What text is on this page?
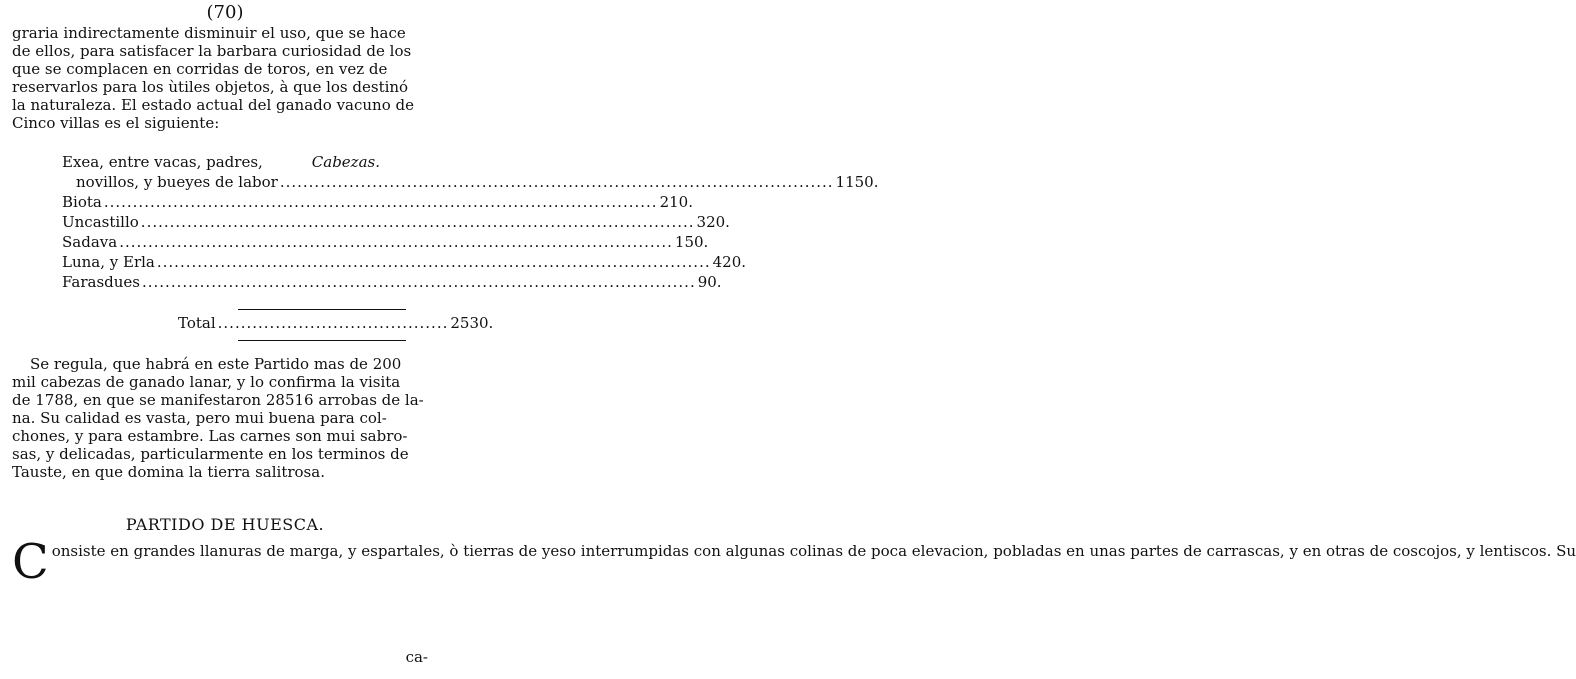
(70)
graria indirectamente disminuir el uso, que se hace
de ellos, para satisfacer la barbara curiosidad de los
que se complacen en corridas de toros, en vez de
reservarlos para los ùtiles objetos, à que los destinó
la naturaleza. El estado actual del ganado vacuno de
Cinco villas es el siguiente:
Exea, entre vacas, padres,	Cabezas.
novillos, y bueyes de labor .....	1150.
Biota .....	210.
Uncastillo .....	320.
Sadava .....	150.
Luna, y Erla .....	420.
Farasdues .....	90.
Total .....	2530.
Se regula, que habrá en este Partido mas de 200
mil cabezas de ganado lanar, y lo confirma la visita
de 1788, en que se manifestaron 28516 arrobas de la-
na. Su calidad es vasta, pero mui buena para col-
chones, y para estambre. Las carnes son mui sabro-
sas, y delicadas, particularmente en los terminos de
Tauste, en que domina la tierra salitrosa.
PARTIDO DE HUESCA.
C onsiste en grandes llanuras de marga, y espartales, ò tierras de yeso interrumpidas con algunas colinas de poca elevacion, pobladas en unas partes de carrascas, y en otras de coscojos, y lentiscos. Su
ca-
